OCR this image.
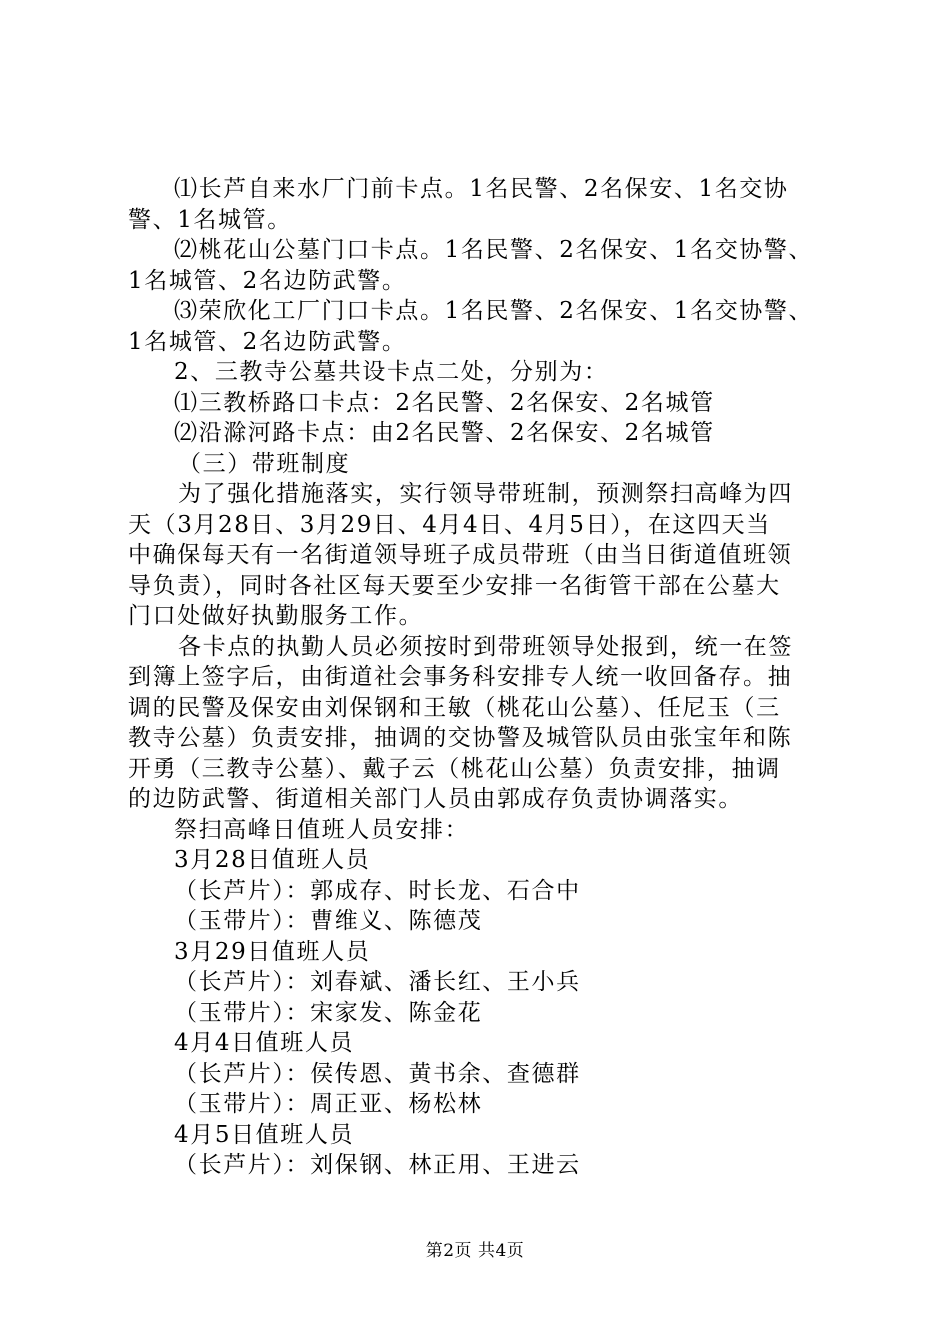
⑴长芦自来水厂门前卡点。1名民警、2名保安、1名交协
警、1名城管。
⑵桃花山公墓门口卡点。1名民警、2名保安、1名交协警、
1名城管、2名边防武警。
⑶荣欣化工厂门口卡点。1名民警、2名保安、1名交协警、
1名城管、2名边防武警。
2、三教寺公墓共设卡点二处，分别为：
⑴三教桥路口卡点：2名民警、2名保安、2名城管
⑵沿滁河路卡点：由2名民警、2名保安、2名城管
（三）带班制度
为了强化措施落实，实行领导带班制，预测祭扫高峰为四
天（3月28日、3月29日、4月4日、4月5日），在这四天当
中确保每天有一名街道领导班子成员带班（由当日街道值班领
导负责），同时各社区每天要至少安排一名街管干部在公墓大
门口处做好执勤服务工作。
各卡点的执勤人员必须按时到带班领导处报到，统一在签
到簿上签字后，由街道社会事务科安排专人统一收回备存。抽
调的民警及保安由刘保钢和王敏（桃花山公墓）、任尼玉（三
教寺公墓）负责安排，抽调的交协警及城管队员由张宝年和陈
开勇（三教寺公墓）、戴子云（桃花山公墓）负责安排，抽调
的边防武警、街道相关部门人员由郭成存负责协调落实。
祭扫高峰日值班人员安排：
3月28日值班人员
（长芦片）：郭成存、时长龙、石合中
（玉带片）：曹维义、陈德茂
3月29日值班人员
（长芦片）：刘春斌、潘长红、王小兵
（玉带片）：宋家发、陈金花
4月4日值班人员
（长芦片）：侯传恩、黄书余、查德群
（玉带片）：周正亚、杨松林
4月5日值班人员
（长芦片）：刘保钢、林正用、王进云
第2页 共4页
